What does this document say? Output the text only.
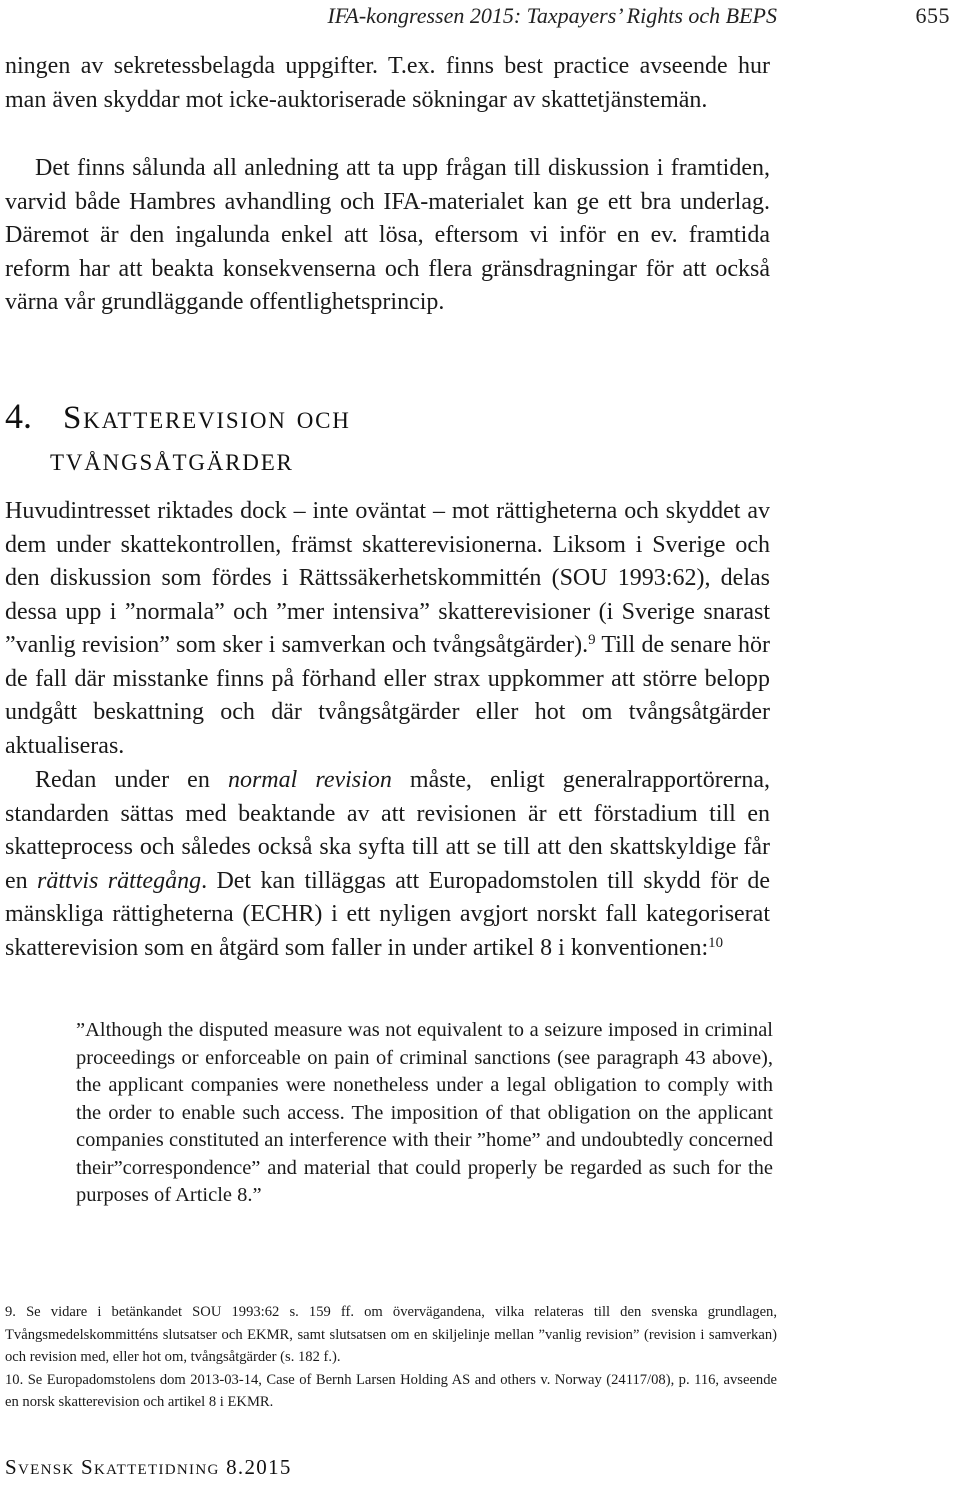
IFA-kongressen 2015: Taxpayers’ Rights och BEPS	655

ningen av sekretessbelagda uppgifter. T.ex. finns best practice avseende hur man även skyddar mot icke-auktoriserade sökningar av skattetjänstemän.

Det finns sålunda all anledning att ta upp frågan till diskussion i framtiden, varvid både Hambres avhandling och IFA-materialet kan ge ett bra underlag. Däremot är den ingalunda enkel att lösa, eftersom vi inför en ev. framtida reform har att beakta konsekvenserna och flera gränsdragningar för att också värna vår grundläggande offentlighetsprincip.

4. Skatterevision och
tvångsåtgärder

Huvudintresset riktades dock – inte oväntat – mot rättigheterna och skyddet av dem under skattekontrollen, främst skatterevisionerna. Liksom i Sverige och den diskussion som fördes i Rättssäkerhetskommittén (SOU 1993:62), delas dessa upp i ”normala” och ”mer intensiva” skatterevisioner (i Sverige snarast ”vanlig revision” som sker i samverkan och tvångsåtgärder).$^9$ Till de senare hör de fall där misstanke finns på förhand eller strax uppkommer att större belopp undgått beskattning och där tvångsåtgärder eller hot om tvångsåtgärder aktualiseras.

Redan under en normal revision måste, enligt generalrapportörerna, standarden sättas med beaktande av att revisionen är ett förstadium till en skatteprocess och således också ska syfta till att se till att den skattskyldige får en rättvis rättegång. Det kan tilläggas att Europadomstolen till skydd för de mänskliga rättigheterna (ECHR) i ett nyligen avgjort norskt fall kategoriserat skatterevision som en åtgärd som faller in under artikel 8 i konventionen:$^{10}$

”Although the disputed measure was not equivalent to a seizure imposed in criminal proceedings or enforceable on pain of criminal sanctions (see paragraph 43 above), the applicant companies were nonetheless under a legal obligation to comply with the order to enable such access. The imposition of that obligation on the applicant companies constituted an interference with their ”home” and undoubtedly concerned their”correspondence” and material that could properly be regarded as such for the purposes of Article 8.”

9. Se vidare i betänkandet SOU 1993:62 s. 159 ff. om övervägandena, vilka relateras till den svenska grundlagen, Tvångsmedelskommitténs slutsatser och EKMR, samt slutsatsen om en skiljelinje mellan ”vanlig revision” (revision i samverkan) och revision med, eller hot om, tvångsåtgärder (s. 182 f.).

10. Se Europadomstolens dom 2013-03-14, Case of Bernh Larsen Holding AS and others v. Norway (24117/08), p. 116, avseende en norsk skatterevision och artikel 8 i EKMR.

Svensk Skattetidning 8.2015
